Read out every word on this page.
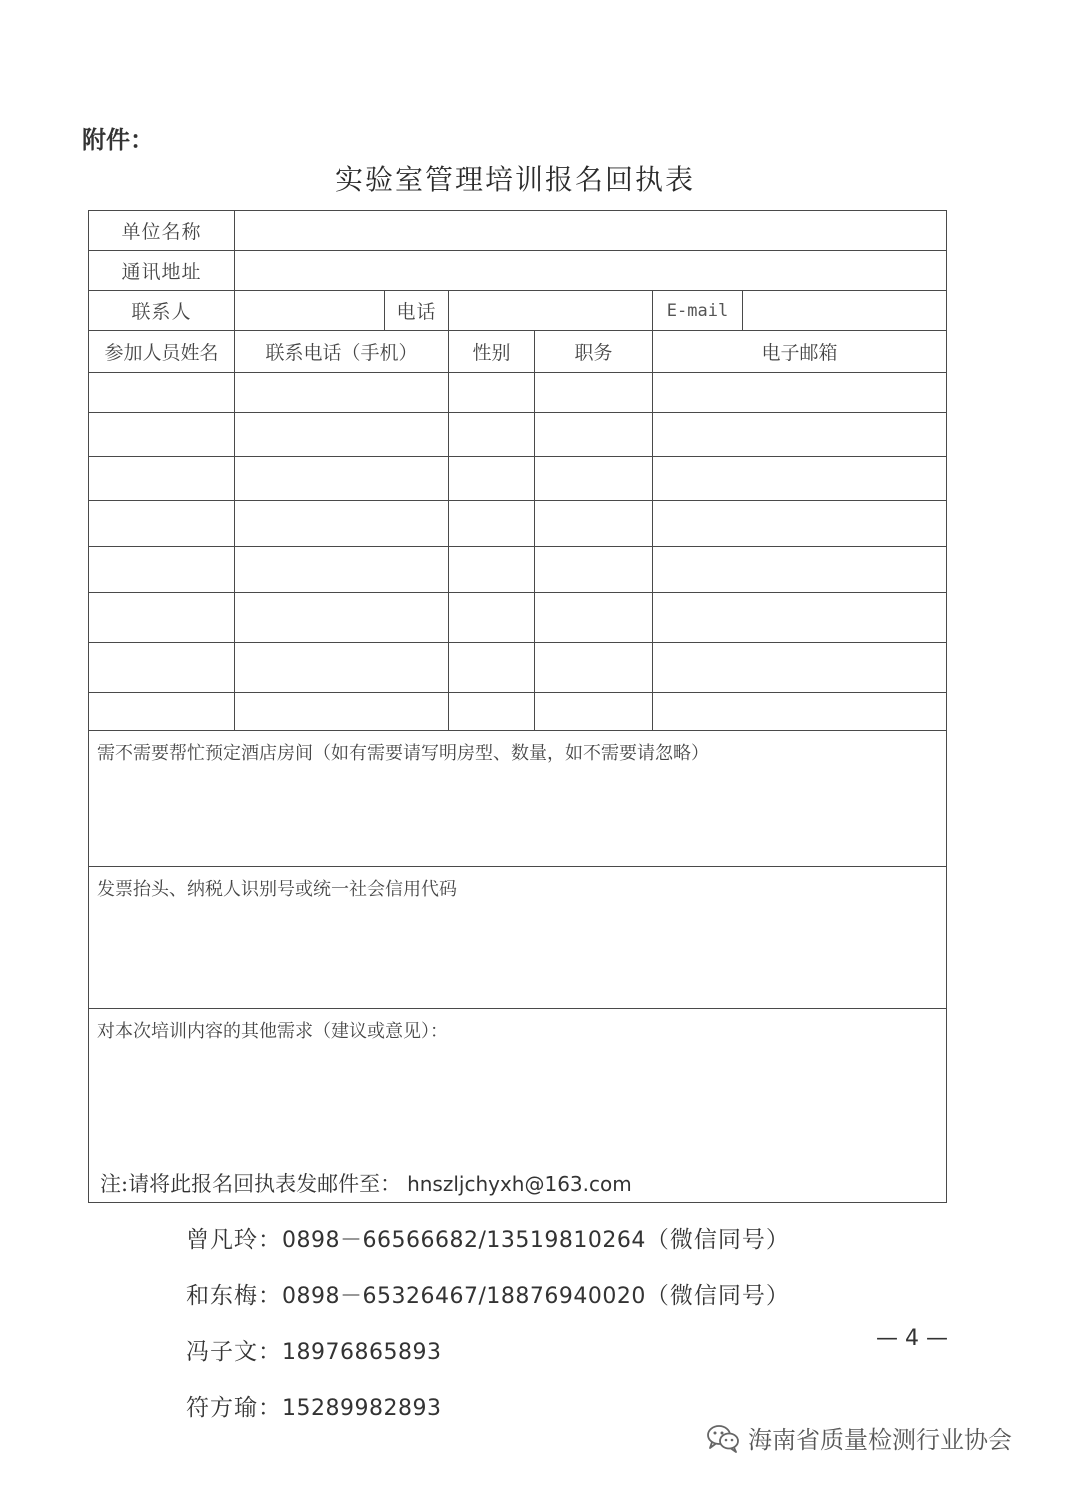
附件：
实验室管理培训报名回执表
单位名称						
通讯地址						
联系人		电话			E-mail	
参加人员姓名	联系电话（手机）		性别	职务	电子邮箱	

需不需要帮忙预定酒店房间（如有需要请写明房型、数量，如不需要请忽略）						
发票抬头、纳税人识别号或统一社会信用代码						
对本次培训内容的其他需求（建议或意见）：						
注:请将此报名回执表发邮件至： hnszljchyxh@163.com
曾凡玲：0898－66566682/13519810264（微信同号）
和东梅：0898－65326467/18876940020（微信同号）
冯子文：18976865893
符方瑜：15289982893
— 4 —
海南省质量检测行业协会
